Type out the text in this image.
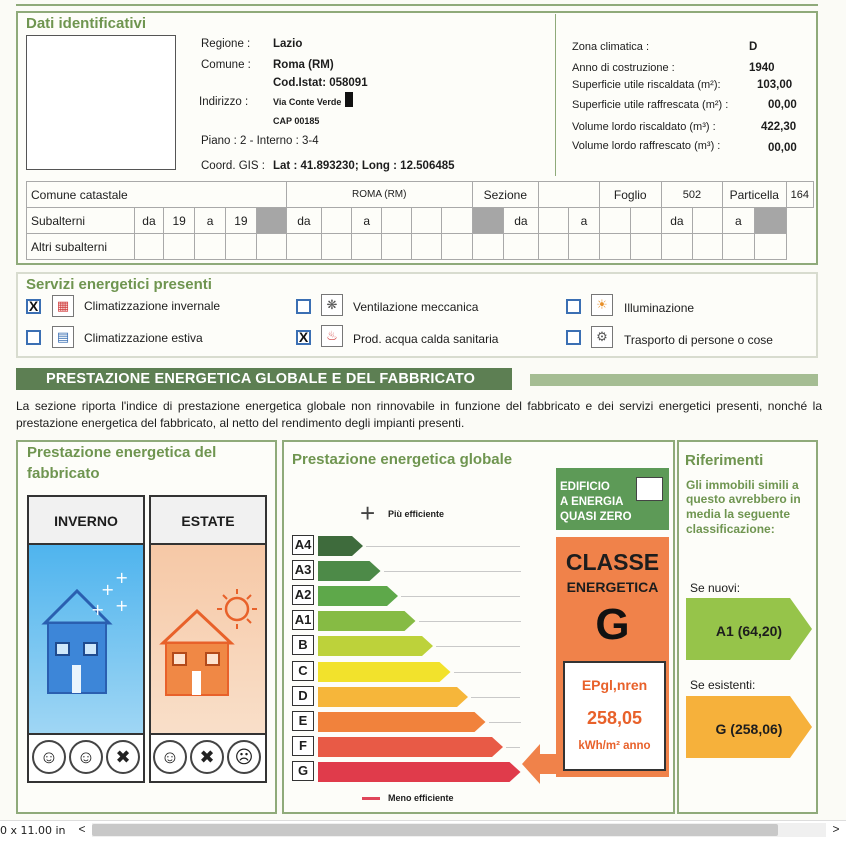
Dati identificativi
Regione : Lazio
Comune : Roma (RM)
Cod.Istat: 058091
Indirizzo :	Via Conte Verde
CAP 00185
Piano : 2 - Interno : 3-4
Coord. GIS : Lat : 41.893230; Long : 12.506485
Zona climatica :	D
Anno di costruzione :	1940
Superficie utile riscaldata (m²):	103,00
Superficie utile raffrescata (m²) :	00,00
Volume lordo riscaldato (m³) :	422,30
Volume lordo raffrescato (m³) :	00,00
Comune catastale						ROMA (RM)						Sezione				Foglio		502		Particella		164
Subalterni	da	19	a	19		da		a					da		a			da		a		
Altri subalterni																						
Servizi energetici presenti
X	▦	Climatizzazione invernale
▤	Climatizzazione estiva
❋	Ventilazione meccanica
X	♨	Prod. acqua calda sanitaria
☀	Illuminazione
⚙	Trasporto di persone o cose
PRESTAZIONE ENERGETICA GLOBALE E DEL FABBRICATO
La sezione riporta l'indice di prestazione energetica globale non rinnovabile in funzione del fabbricato e dei servizi energetici presenti, nonché la prestazione energetica del fabbricato, al netto del rendimento degli impianti presenti.
Prestazione energetica del
fabbricato
INVERNO	ESTATE
+
+
+
+
☺	☺	✖	☺	✖	☹
Prestazione energetica globale
+ Più efficiente
A4
A3
A2
A1
B
C
D
E
F
G
Meno efficiente
EDIFICIO
A ENERGIA
QUASI ZERO
CLASSE
ENERGETICA
G
EPgl,nren
258,05
kWh/m² anno
Riferimenti
Gli immobili simili a
questo avrebbero in
media la seguente
classificazione:
Se nuovi:
A1 (64,20)
Se esistenti:
G (258,06)
0 x 11.00 in <	>
